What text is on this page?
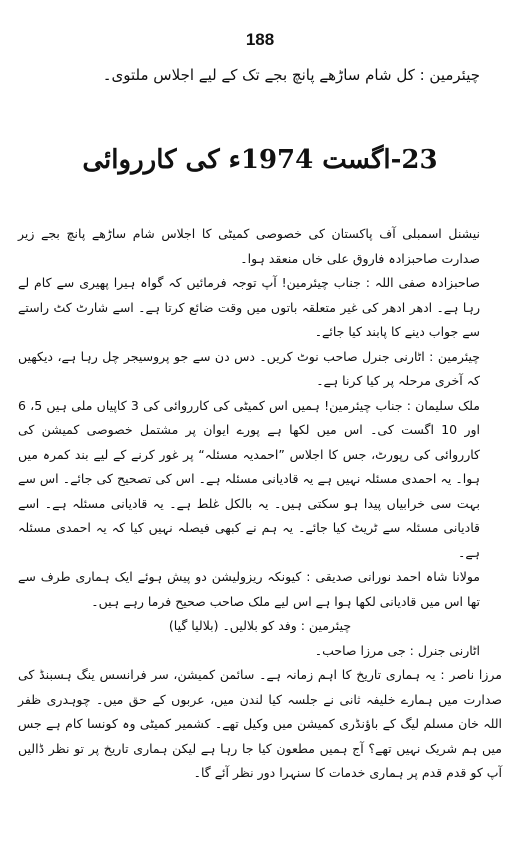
188
چیئرمین : کل شام ساڑھے پانچ بجے تک کے لیے اجلاس ملتوی۔
23-اگست 1974ء کی کارروائی

نیشنل اسمبلی آف پاکستان کی خصوصی کمیٹی کا اجلاس شام ساڑھے پانچ بجے زیر صدارت صاحبزادہ فاروق علی خاں منعقد ہوا۔

صاحبزادہ صفی اللہ : جناب چیئرمین! آپ توجہ فرمائیں کہ گواہ ہیرا پھیری سے کام لے رہا ہے۔ ادھر ادھر کی غیر متعلقہ باتوں میں وقت ضائع کرتا ہے۔ اسے شارٹ کٹ راستے سے جواب دینے کا پابند کیا جائے۔

چیئرمین : اٹارنی جنرل صاحب نوٹ کریں۔ دس دن سے جو پروسیجر چل رہا ہے، دیکھیں کہ آخری مرحلہ پر کیا کرنا ہے۔

ملک سلیمان : جناب چیئرمین! ہمیں اس کمیٹی کی کارروائی کی 3 کاپیاں ملی ہیں 5، 6 اور 10 اگست کی۔ اس میں لکھا ہے پورے ایوان پر مشتمل خصوصی کمیشن کی کارروائی کی رپورٹ، جس کا اجلاس ”احمدیہ مسئلہ“ پر غور کرنے کے لیے بند کمرہ میں ہوا۔ یہ احمدی مسئلہ نہیں ہے یہ قادیانی مسئلہ ہے۔ اس کی تصحیح کی جائے۔ اس سے بہت سی خرابیاں پیدا ہو سکتی ہیں۔ یہ بالکل غلط ہے۔ یہ قادیانی مسئلہ ہے۔ اسے قادیانی مسئلہ سے ٹریٹ کیا جائے۔ یہ ہم نے کبھی فیصلہ نہیں کیا کہ یہ احمدی مسئلہ ہے۔

مولانا شاہ احمد نورانی صدیقی : کیونکہ ریزولیشن دو پیش ہوئے ایک ہماری طرف سے تھا اس میں قادیانی لکھا ہوا ہے اس لیے ملک صاحب صحیح فرما رہے ہیں۔

چیئرمین : وفد کو بلالیں۔ (بلالیا گیا)

اٹارنی جنرل : جی مرزا صاحب۔

مرزا ناصر : یہ ہماری تاریخ کا اہم زمانہ ہے۔ سائمن کمیشن، سر فرانسس ینگ ہسبنڈ کی صدارت میں ہمارے خلیفہ ثانی نے جلسہ کیا لندن میں، عربوں کے حق میں۔ چوہدری ظفر اللہ خان مسلم لیگ کے باؤنڈری کمیشن میں وکیل تھے۔ کشمیر کمیٹی وہ کونسا کام ہے جس میں ہم شریک نہیں تھے؟ آج ہمیں مطعون کیا جا رہا ہے لیکن ہماری تاریخ پر تو نظر ڈالیں آپ کو قدم قدم پر ہماری خدمات کا سنہرا دور نظر آئے گا۔
